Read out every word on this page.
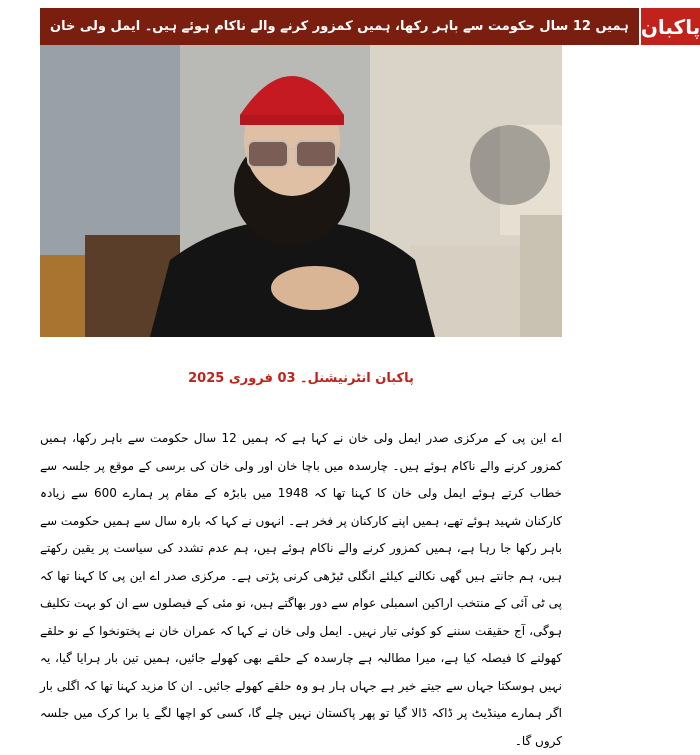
ہمیں 12 سال حکومت سے باہر رکھا، ہمیں کمزور کرنے والے ناکام ہوئے ہیں۔ ایمل ولی خان پاکبان
پاکبان انٹرنیشنل۔ 03 فروری 2025
اے این پی کے مرکزی صدر ایمل ولی خان نے کہا ہے کہ ہمیں 12 سال حکومت سے باہر رکھا، ہمیں کمزور کرنے والے ناکام ہوئے ہیں۔ چارسدہ میں باچا خان اور ولی خان کی برسی کے موقع پر جلسہ سے خطاب کرتے ہوئے ایمل ولی خان کا کہنا تھا کہ 1948 میں بابڑہ کے مقام پر ہمارے 600 سے زیادہ کارکنان شہید ہوئے تھے، ہمیں اپنے کارکنان پر فخر ہے۔ انہوں نے کہا کہ بارہ سال سے ہمیں حکومت سے باہر رکھا جا رہا ہے، ہمیں کمزور کرنے والے ناکام ہوئے ہیں، ہم عدم تشدد کی سیاست پر یقین رکھتے ہیں، ہم جانتے ہیں گھی نکالنے کیلئے انگلی ٹیڑھی کرنی پڑتی ہے۔ مرکزی صدر اے این پی کا کہنا تھا کہ پی ٹی آئی کے منتخب اراکین اسمبلی عوام سے دور بھاگتے ہیں، نو مئی کے فیصلوں سے ان کو بہت تکلیف ہوگی، آج حقیقت سننے کو کوئی تیار نہیں۔ ایمل ولی خان نے کہا کہ عمران خان نے پختونخوا کے نو حلقے کھولنے کا فیصلہ کیا ہے، میرا مطالبہ ہے چارسدہ کے حلقے بھی کھولے جائیں، ہمیں تین بار ہرایا گیا، یہ نہیں ہوسکتا جہاں سے جیتے خیر ہے جہاں ہار ہو وہ حلقے کھولے جائیں۔ ان کا مزید کہنا تھا کہ اگلی بار اگر ہمارے مینڈیٹ پر ڈاکہ ڈالا گیا تو پھر پاکستان نہیں چلے گا، کسی کو اچھا لگے یا برا کرک میں جلسہ کروں گا۔
